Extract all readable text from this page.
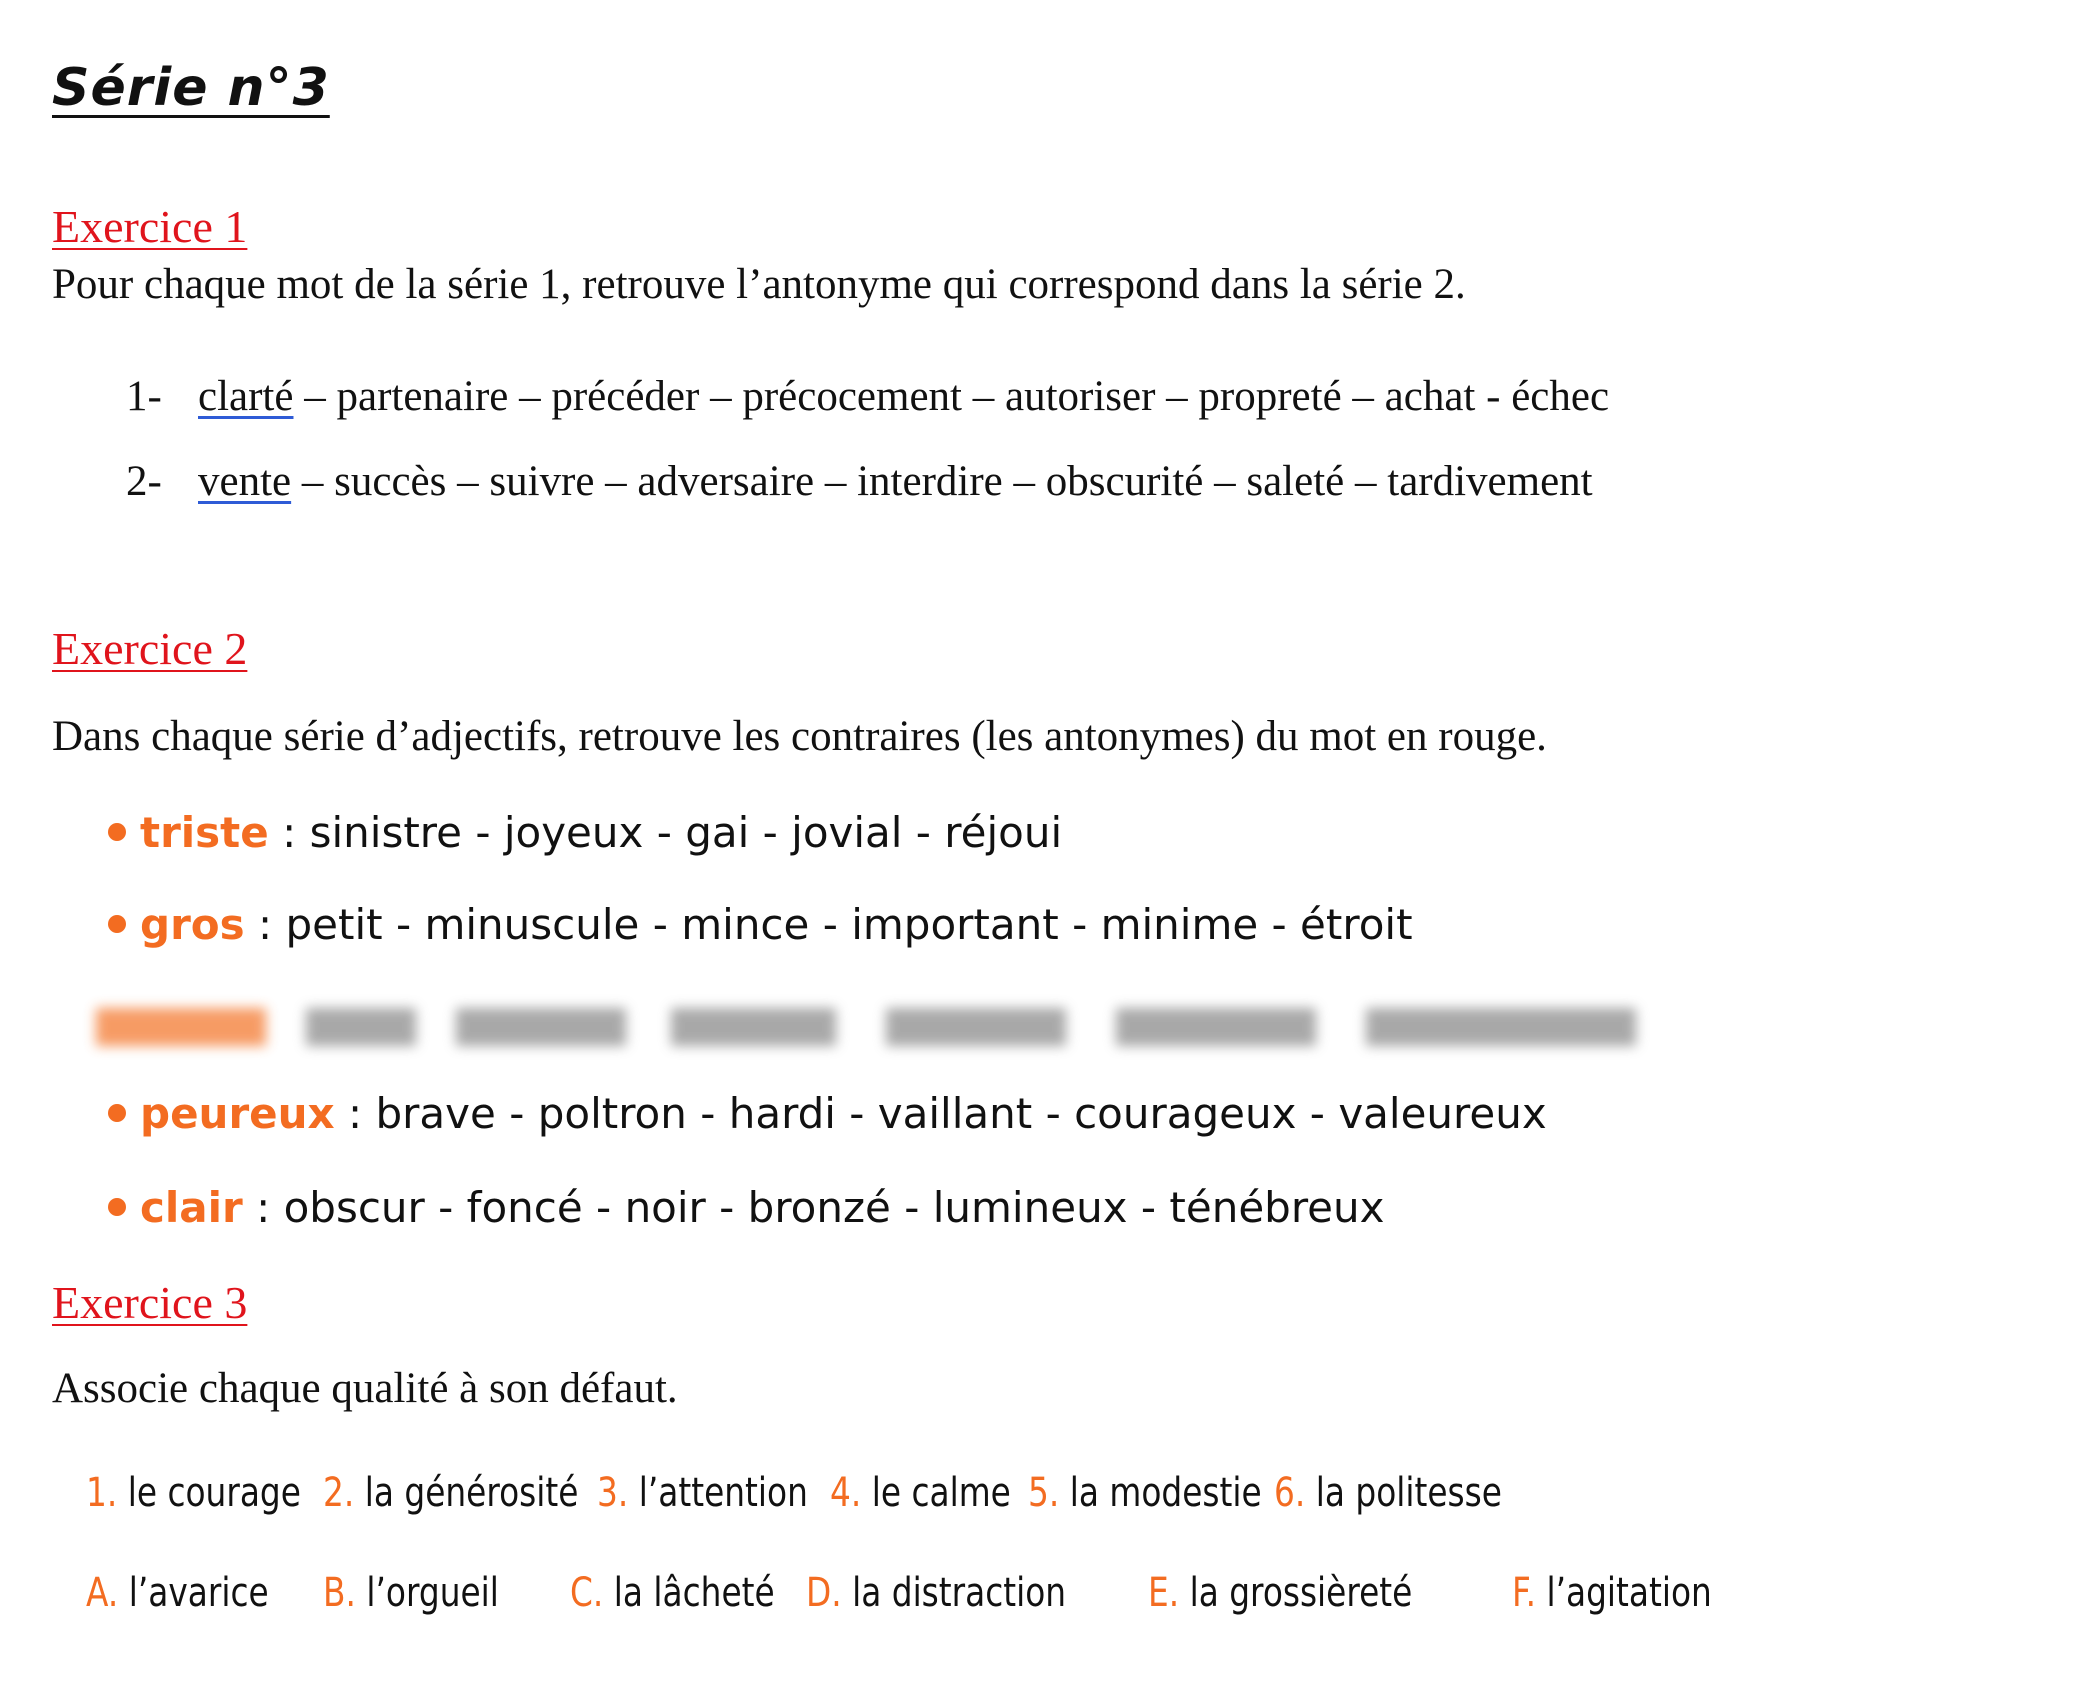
Série n°3
Exercice 1
Pour chaque mot de la série 1, retrouve l’antonyme qui correspond dans la série 2.
1- clarté – partenaire – précéder – précocement – autoriser – propreté – achat - échec
2- vente – succès – suivre – adversaire – interdire – obscurité – saleté – tardivement
Exercice 2
Dans chaque série d’adjectifs, retrouve les contraires (les antonymes) du mot en rouge.
triste : sinistre - joyeux - gai - jovial - réjoui
gros : petit - minuscule - mince - important - minime - étroit
peureux : brave - poltron - hardi - vaillant - courageux - valeureux
clair : obscur - foncé - noir - bronzé - lumineux - ténébreux
Exercice 3
Associe chaque qualité à son défaut.
1. le courage 2. la générosité 3. l’attention 4. le calme 5. la modestie 6. la politesse
A. l’avarice B. l’orgueil C. la lâcheté D. la distraction E. la grossièreté F. l’agitation
